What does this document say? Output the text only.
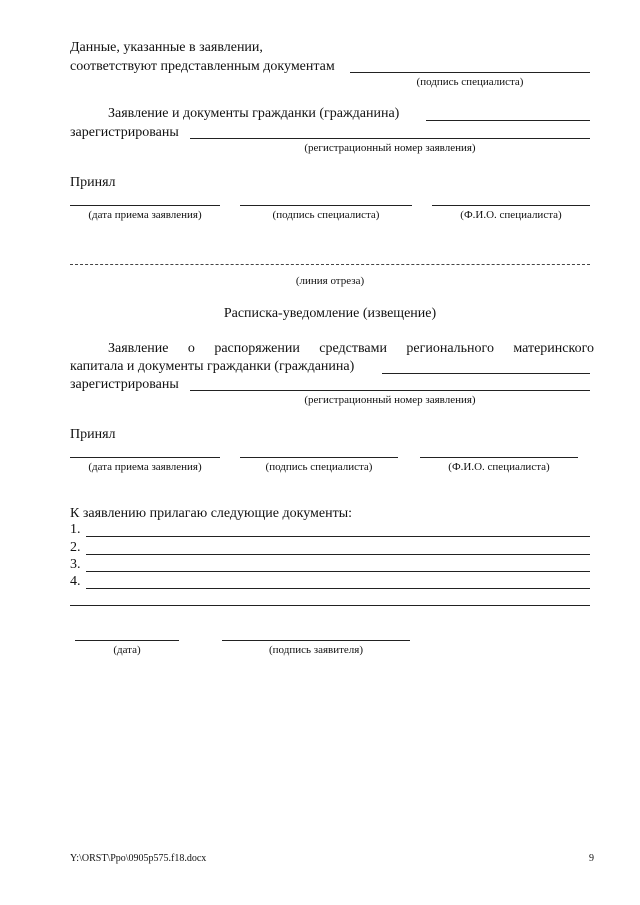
Данные, указанные в заявлении,
соответствуют представленным документам
(подпись специалиста)
Заявление и документы гражданки (гражданина)
зарегистрированы
(регистрационный номер заявления)
Принял
(дата приема заявления)	(подпись специалиста)	(Ф.И.О. специалиста)
(линия отреза)
Расписка-уведомление (извещение)
Заявление о распоряжении средствами регионального материнского
капитала и документы гражданки (гражданина)
зарегистрированы
(регистрационный номер заявления)
Принял
(дата приема заявления)	(подпись специалиста)	(Ф.И.О. специалиста)
К заявлению прилагаю следующие документы:
1.
2.
3.
4.
(дата)	(подпись заявителя)
Y:\ORST\Ppo\0905p575.f18.docx	9
